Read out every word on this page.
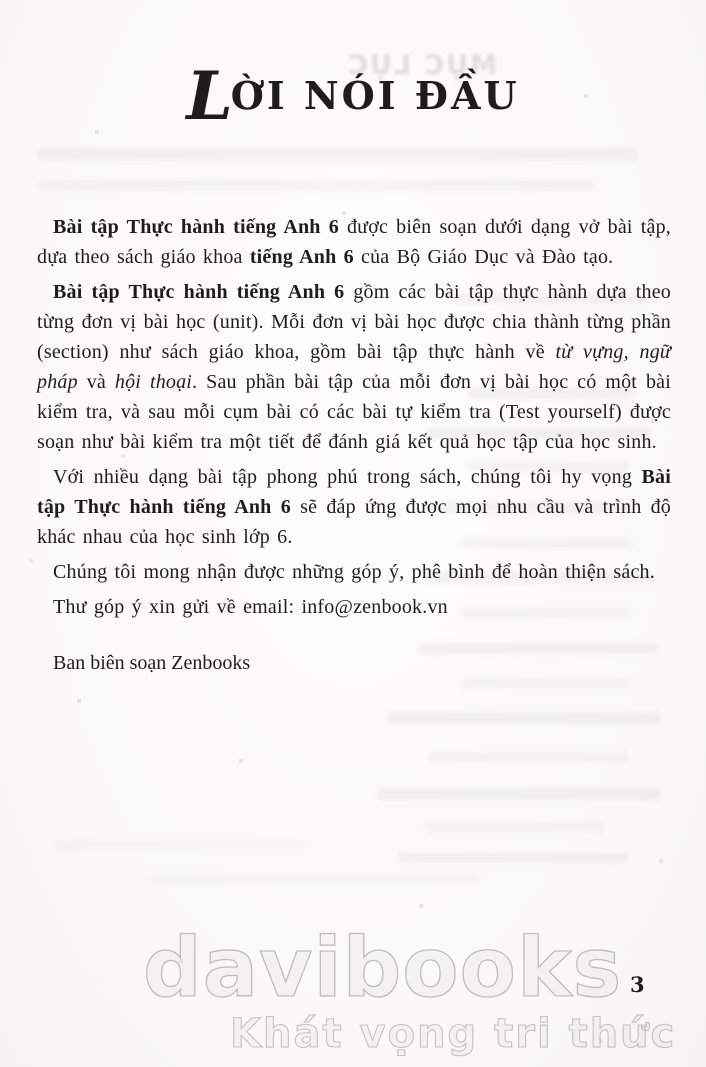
MỤC LỤC
LỜI NÓI ĐẦU

Bài tập Thực hành tiếng Anh 6 được biên soạn dưới dạng vở bài tập, dựa theo sách giáo khoa tiếng Anh 6 của Bộ Giáo Dục và Đào tạo.

Bài tập Thực hành tiếng Anh 6 gồm các bài tập thực hành dựa theo từng đơn vị bài học (unit). Mỗi đơn vị bài học được chia thành từng phần (section) như sách giáo khoa, gồm bài tập thực hành về từ vựng, ngữ pháp và hội thoại. Sau phần bài tập của mỗi đơn vị bài học có một bài kiểm tra, và sau mỗi cụm bài có các bài tự kiểm tra (Test yourself) được soạn như bài kiểm tra một tiết để đánh giá kết quả học tập của học sinh.

Với nhiều dạng bài tập phong phú trong sách, chúng tôi hy vọng Bài tập Thực hành tiếng Anh 6 sẽ đáp ứng được mọi nhu cầu và trình độ khác nhau của học sinh lớp 6.

Chúng tôi mong nhận được những góp ý, phê bình để hoàn thiện sách.

Thư góp ý xin gửi về email: info@zenbook.vn

Ban biên soạn Zenbooks
davibooks
Khát vọng tri thức
3
